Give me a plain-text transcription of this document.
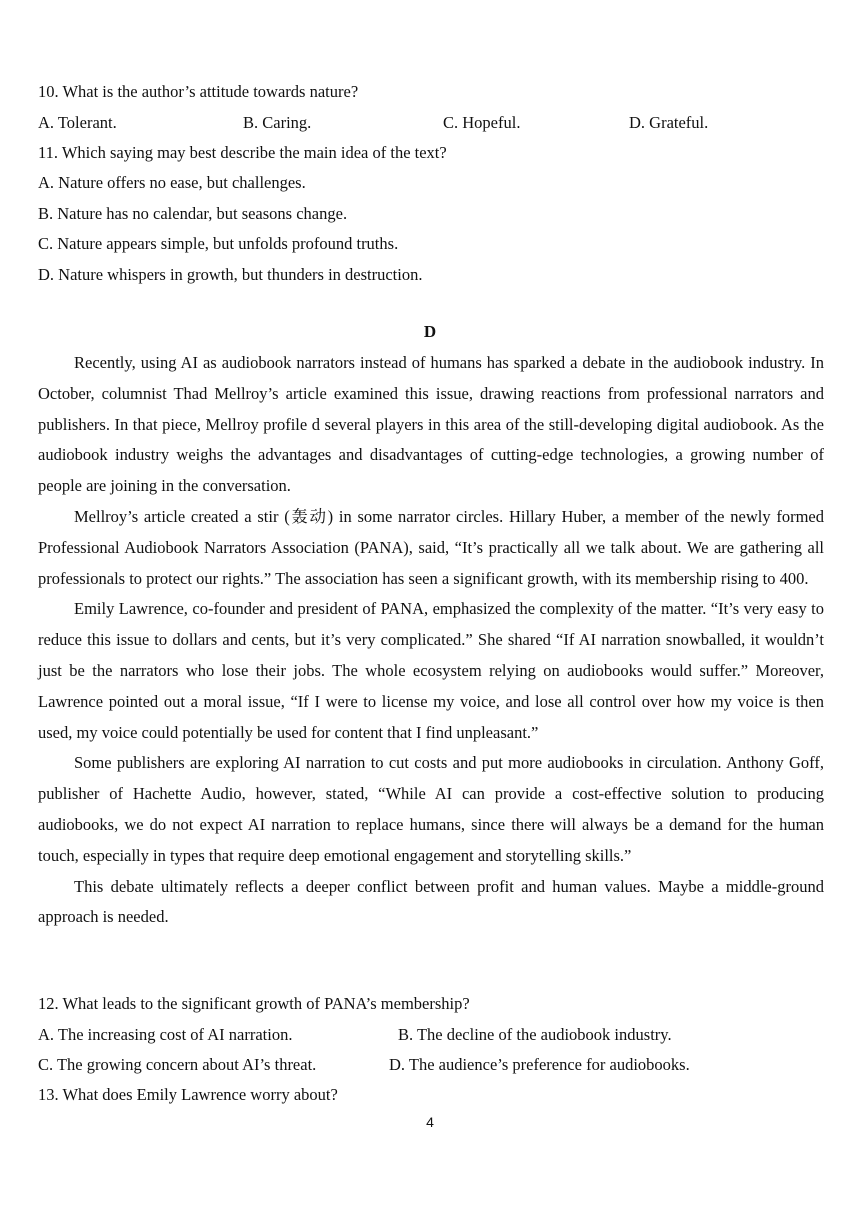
10. What is the author’s attitude towards nature?
A. Tolerant.	B. Caring.	C. Hopeful.	D. Grateful.
11. Which saying may best describe the main idea of the text?
A. Nature offers no ease, but challenges.
B. Nature has no calendar, but seasons change.
C. Nature appears simple, but unfolds profound truths.
D. Nature whispers in growth, but thunders in destruction.
D

Recently, using AI as audiobook narrators instead of humans has sparked a debate in the audiobook industry. In October, columnist Thad Mellroy’s article examined this issue, drawing reactions from professional narrators and publishers. In that piece, Mellroy profile d several players in this area of the still-developing digital audiobook. As the audiobook industry weighs the advantages and disadvantages of cutting-edge technologies, a growing number of people are joining in the conversation.

Mellroy’s article created a stir (轰动) in some narrator circles. Hillary Huber, a member of the newly formed Professional Audiobook Narrators Association (PANA), said, “It’s practically all we talk about. We are gathering all professionals to protect our rights.” The association has seen a significant growth, with its membership rising to 400.

Emily Lawrence, co-founder and president of PANA, emphasized the complexity of the matter. “It’s very easy to reduce this issue to dollars and cents, but it’s very complicated.” She shared “If AI narration snowballed, it wouldn’t just be the narrators who lose their jobs. The whole ecosystem relying on audiobooks would suffer.” Moreover, Lawrence pointed out a moral issue, “If I were to license my voice, and lose all control over how my voice is then used, my voice could potentially be used for content that I find unpleasant.”

Some publishers are exploring AI narration to cut costs and put more audiobooks in circulation. Anthony Goff, publisher of Hachette Audio, however, stated, “While AI can provide a cost-effective solution to producing audiobooks, we do not expect AI narration to replace humans, since there will always be a demand for the human touch, especially in types that require deep emotional engagement and storytelling skills.”

This debate ultimately reflects a deeper conflict between profit and human values. Maybe a middle-ground approach is needed.

12. What leads to the significant growth of PANA’s membership?
A. The increasing cost of AI narration.	B. The decline of the audiobook industry.
C. The growing concern about AI’s threat.	D. The audience’s preference for audiobooks.
13. What does Emily Lawrence worry about?
4
